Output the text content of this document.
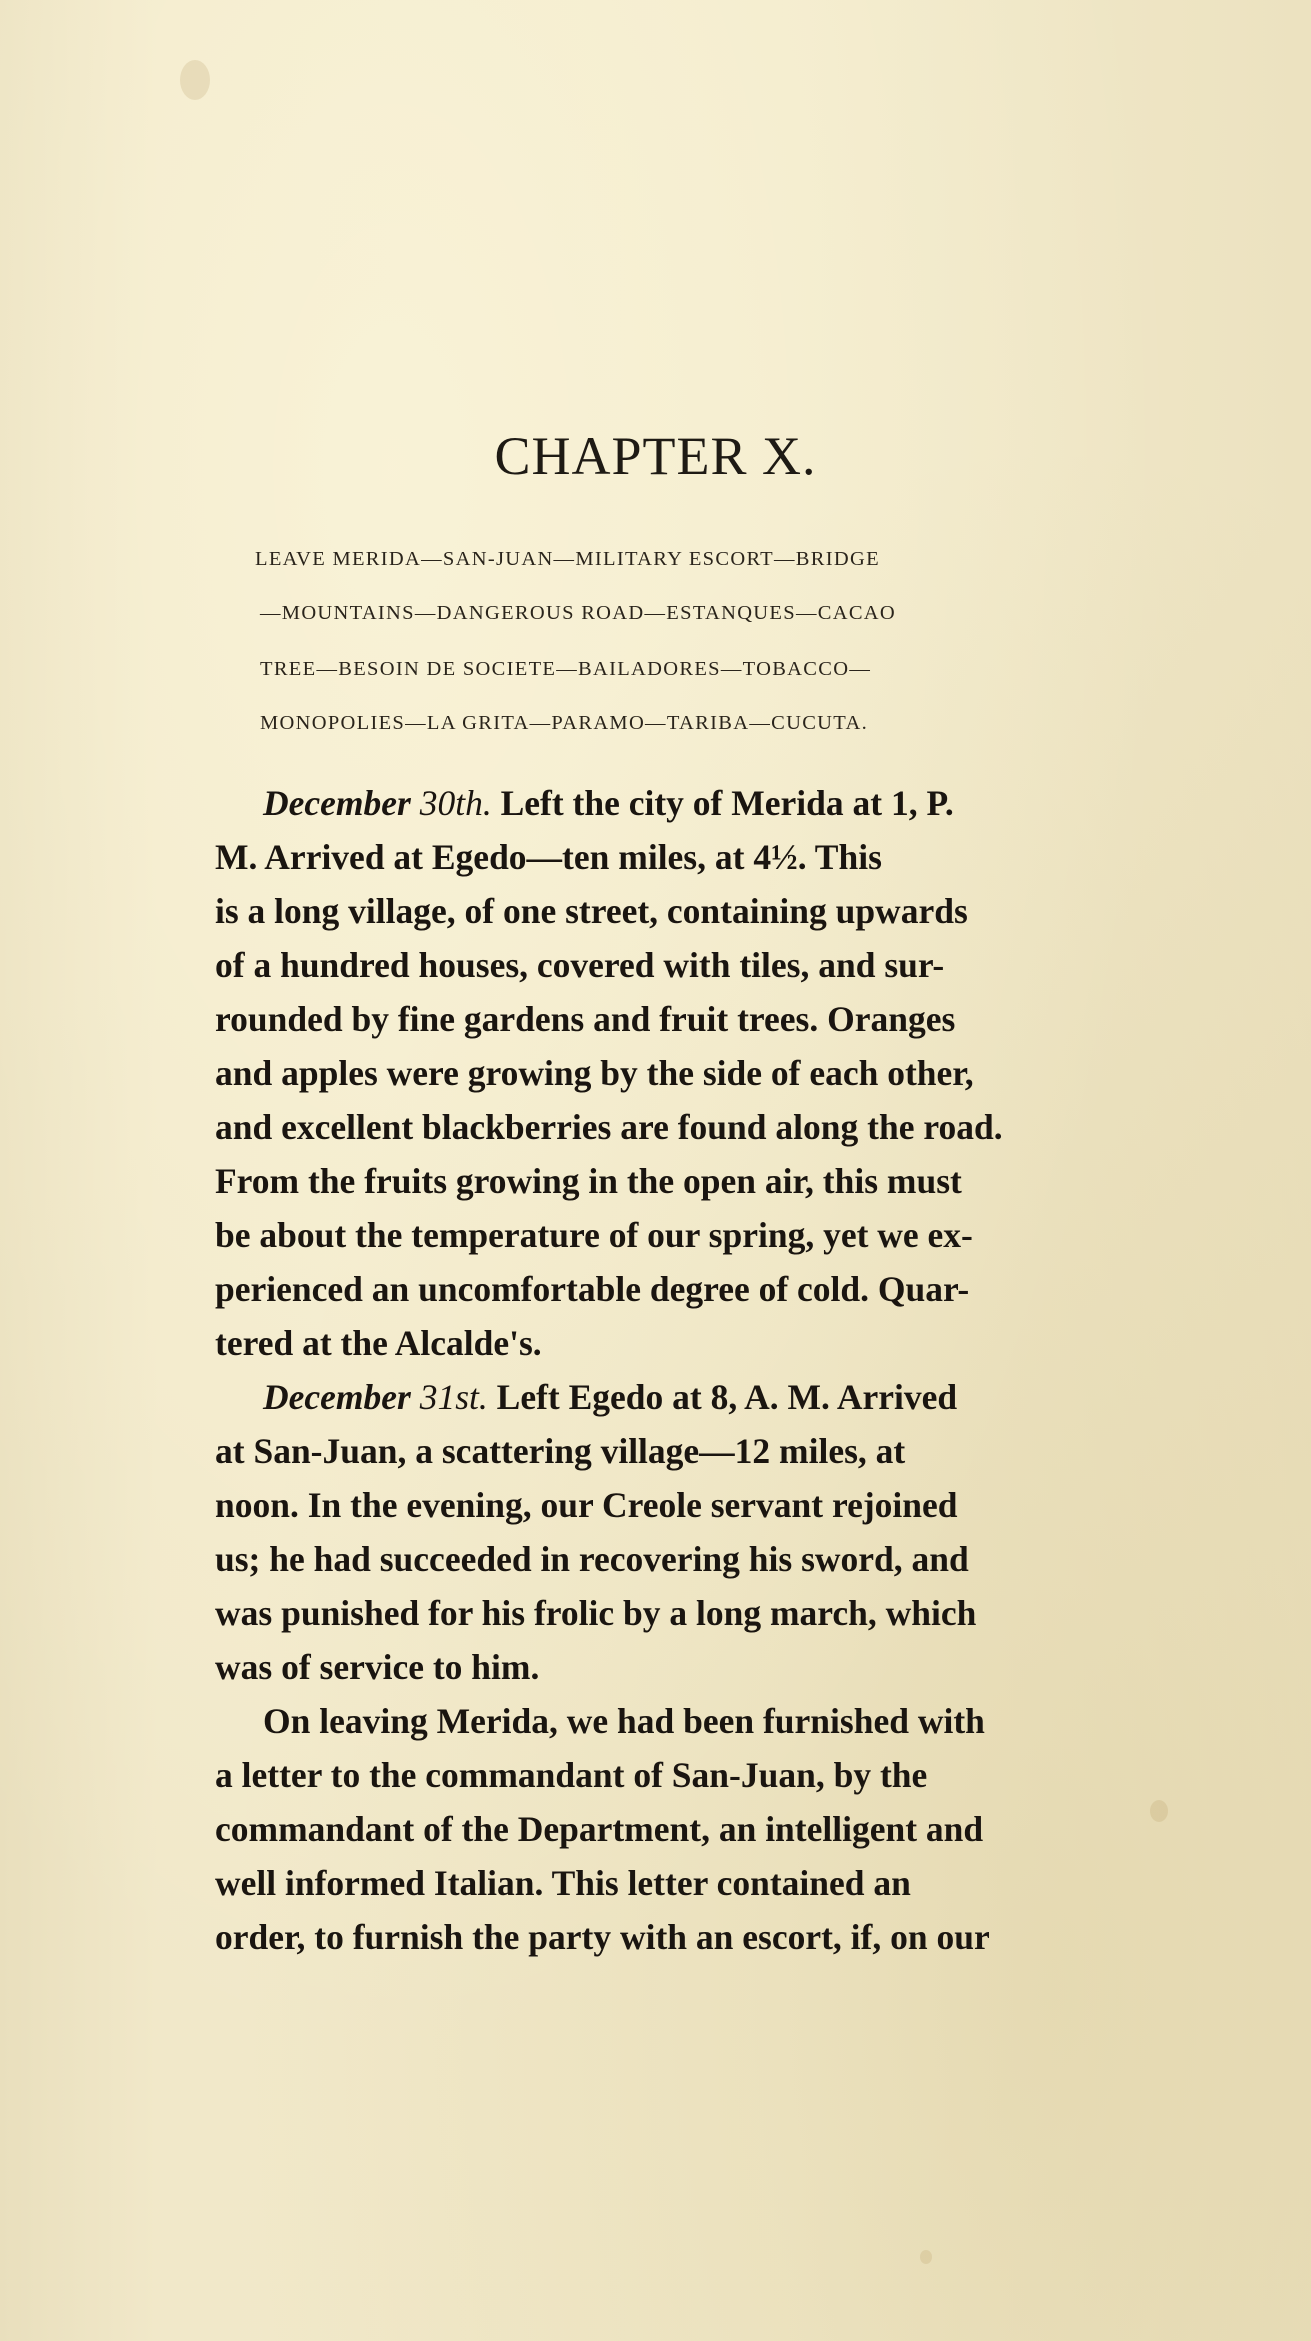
CHAPTER X.
LEAVE MERIDA—SAN-JUAN—MILITARY ESCORT—BRIDGE
—MOUNTAINS—DANGEROUS ROAD—ESTANQUES—CACAO
TREE—BESOIN DE SOCIETE—BAILADORES—TOBACCO—
MONOPOLIES—LA GRITA—PARAMO—TARIBA—CUCUTA.
December 30th. Left the city of Merida at 1, P.
M. Arrived at Egedo—ten miles, at 4½. This
is a long village, of one street, containing upwards
of a hundred houses, covered with tiles, and sur-
rounded by fine gardens and fruit trees. Oranges
and apples were growing by the side of each other,
and excellent blackberries are found along the road.
From the fruits growing in the open air, this must
be about the temperature of our spring, yet we ex-
perienced an uncomfortable degree of cold. Quar-
tered at the Alcalde's.
December 31st. Left Egedo at 8, A. M. Arrived
at San-Juan, a scattering village—12 miles, at
noon. In the evening, our Creole servant rejoined
us; he had succeeded in recovering his sword, and
was punished for his frolic by a long march, which
was of service to him.
On leaving Merida, we had been furnished with
a letter to the commandant of San-Juan, by the
commandant of the Department, an intelligent and
well informed Italian. This letter contained an
order, to furnish the party with an escort, if, on our
